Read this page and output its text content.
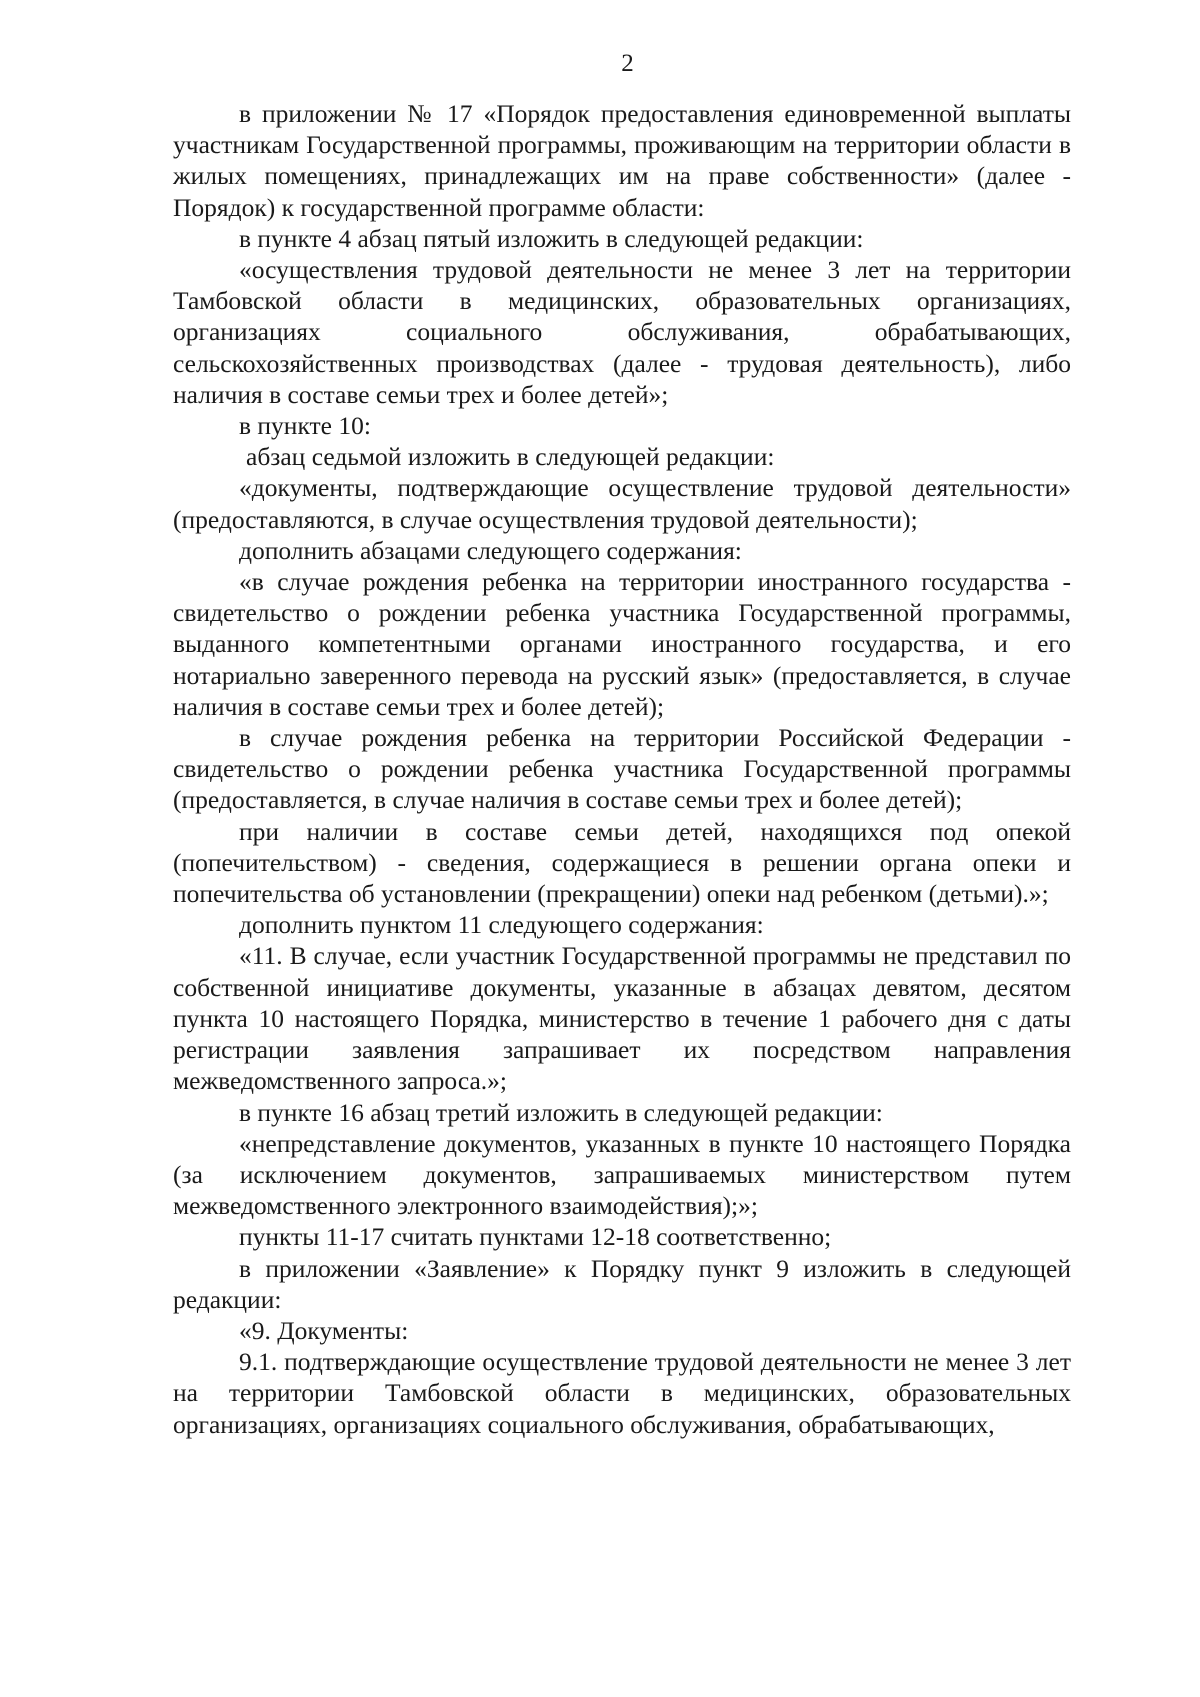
2

в приложении № 17 «Порядок предоставления единовременной выплаты участникам Государственной программы, проживающим на территории области в жилых помещениях, принадлежащих им на праве собственности» (далее - Порядок) к государственной программе области:

в пункте 4 абзац пятый изложить в следующей редакции:

«осуществления трудовой деятельности не менее 3 лет на территории Тамбовской области в медицинских, образовательных организациях, организациях социального обслуживания, обрабатывающих, сельскохозяйственных производствах (далее - трудовая деятельность), либо наличия в составе семьи трех и более детей»;

в пункте 10:

абзац седьмой изложить в следующей редакции:

«документы, подтверждающие осуществление трудовой деятельности» (предоставляются, в случае осуществления трудовой деятельности);

дополнить абзацами следующего содержания:

«в случае рождения ребенка на территории иностранного государства - свидетельство о рождении ребенка участника Государственной программы, выданного компетентными органами иностранного государства, и его нотариально заверенного перевода на русский язык» (предоставляется, в случае наличия в составе семьи трех и более детей);

в случае рождения ребенка на территории Российской Федерации - свидетельство о рождении ребенка участника Государственной программы (предоставляется, в случае наличия в составе семьи трех и более детей);

при наличии в составе семьи детей, находящихся под опекой (попечительством) - сведения, содержащиеся в решении органа опеки и попечительства об установлении (прекращении) опеки над ребенком (детьми).»;

дополнить пунктом 11 следующего содержания:

«11. В случае, если участник Государственной программы не представил по собственной инициативе документы, указанные в абзацах девятом, десятом пункта 10 настоящего Порядка, министерство в течение 1 рабочего дня с даты регистрации заявления запрашивает их посредством направления межведомственного запроса.»;

в пункте 16 абзац третий изложить в следующей редакции:

«непредставление документов, указанных в пункте 10 настоящего Порядка (за исключением документов, запрашиваемых министерством путем межведомственного электронного взаимодействия);»;

пункты 11-17 считать пунктами 12-18 соответственно;

в приложении «Заявление» к Порядку пункт 9 изложить в следующей редакции:

«9. Документы:

9.1. подтверждающие осуществление трудовой деятельности не менее 3 лет на территории Тамбовской области в медицинских, образовательных организациях, организациях социального обслуживания, обрабатывающих,
